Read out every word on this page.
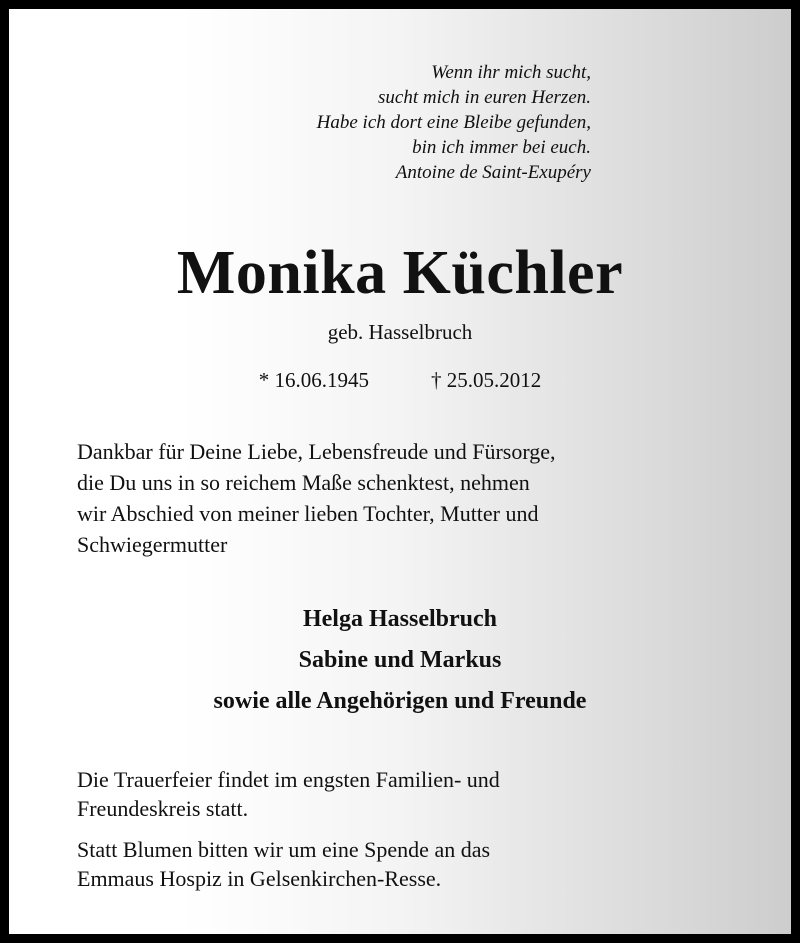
Wenn ihr mich sucht,
sucht mich in euren Herzen.
Habe ich dort eine Bleibe gefunden,
bin ich immer bei euch.
Antoine de Saint-Exupéry
Monika Küchler

geb. Hasselbruch

* 16.06.1945	† 25.05.2012

Dankbar für Deine Liebe, Lebensfreude und Fürsorge,
die Du uns in so reichem Maße schenktest, nehmen
wir Abschied von meiner lieben Tochter, Mutter und
Schwiegermutter

Helga Hasselbruch
Sabine und Markus
sowie alle Angehörigen und Freunde

Die Trauerfeier findet im engsten Familien- und
Freundeskreis statt.

Statt Blumen bitten wir um eine Spende an das
Emmaus Hospiz in Gelsenkirchen-Resse.
